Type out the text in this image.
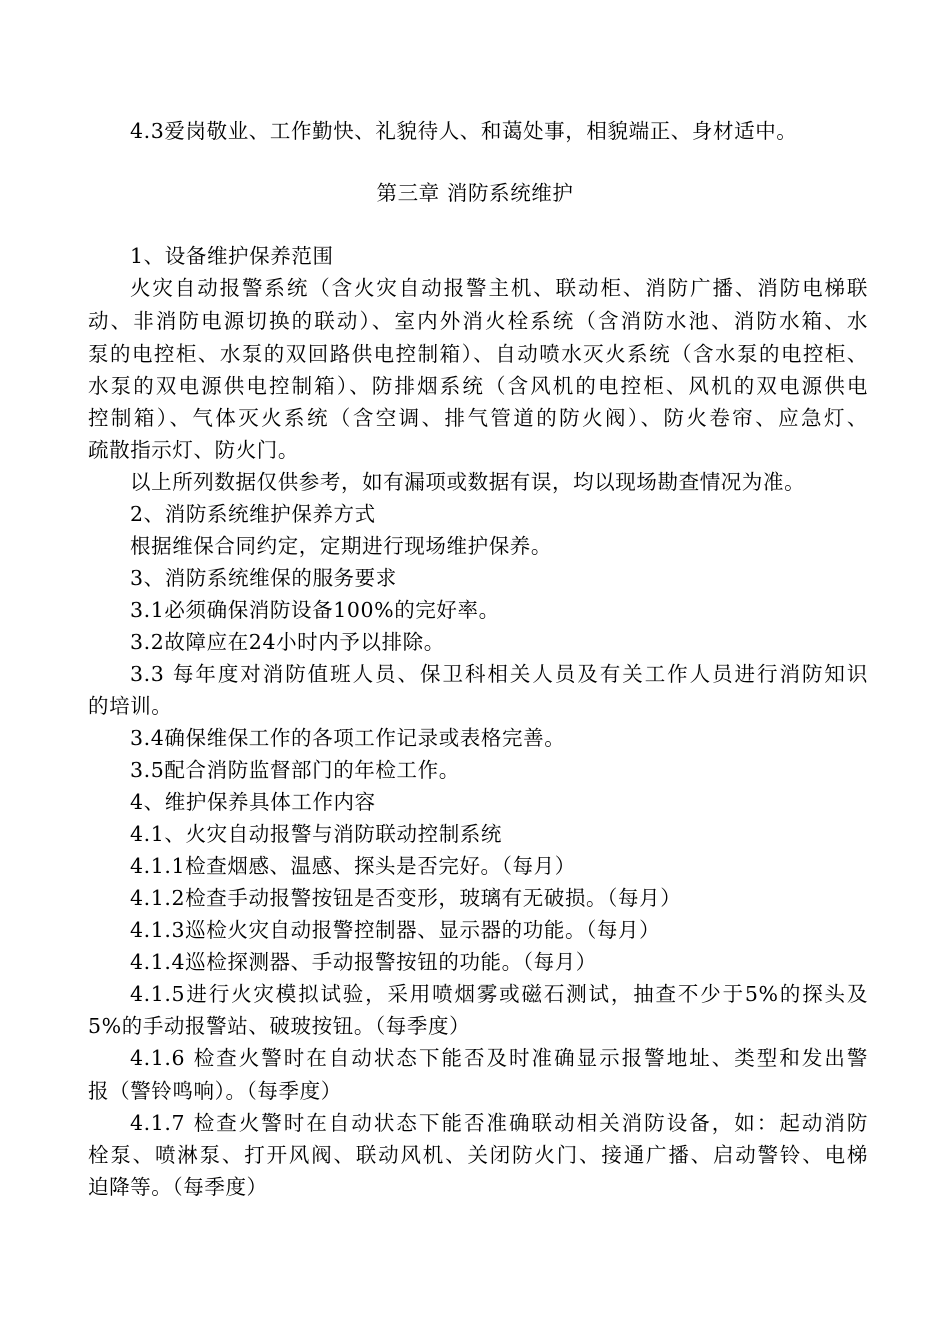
4.3爱岗敬业、工作勤快、礼貌待人、和蔼处事，相貌端正、身材适中。
第三章 消防系统维护
1、设备维护保养范围
火灾自动报警系统（含火灾自动报警主机、联动柜、消防广播、消防电梯联
动、非消防电源切换的联动）、室内外消火栓系统（含消防水池、消防水箱、水
泵的电控柜、水泵的双回路供电控制箱）、自动喷水灭火系统（含水泵的电控柜、
水泵的双电源供电控制箱）、防排烟系统（含风机的电控柜、风机的双电源供电
控制箱）、气体灭火系统（含空调、排气管道的防火阀）、防火卷帘、应急灯、
疏散指示灯、防火门。
以上所列数据仅供参考，如有漏项或数据有误，均以现场勘查情况为准。
2、消防系统维护保养方式
根据维保合同约定，定期进行现场维护保养。
3、消防系统维保的服务要求
3.1必须确保消防设备100%的完好率。
3.2故障应在24小时内予以排除。
3.3 每年度对消防值班人员、保卫科相关人员及有关工作人员进行消防知识
的培训。
3.4确保维保工作的各项工作记录或表格完善。
3.5配合消防监督部门的年检工作。
4、维护保养具体工作内容
4.1、火灾自动报警与消防联动控制系统
4.1.1检查烟感、温感、探头是否完好。（每月）
4.1.2检查手动报警按钮是否变形，玻璃有无破损。（每月）
4.1.3巡检火灾自动报警控制器、显示器的功能。（每月）
4.1.4巡检探测器、手动报警按钮的功能。（每月）
4.1.5进行火灾模拟试验，采用喷烟雾或磁石测试，抽查不少于5%的探头及
5%的手动报警站、破玻按钮。（每季度）
4.1.6 检查火警时在自动状态下能否及时准确显示报警地址、类型和发出警
报（警铃鸣响）。（每季度）
4.1.7 检查火警时在自动状态下能否准确联动相关消防设备，如：起动消防
栓泵、喷淋泵、打开风阀、联动风机、关闭防火门、接通广播、启动警铃、电梯
迫降等。（每季度）
